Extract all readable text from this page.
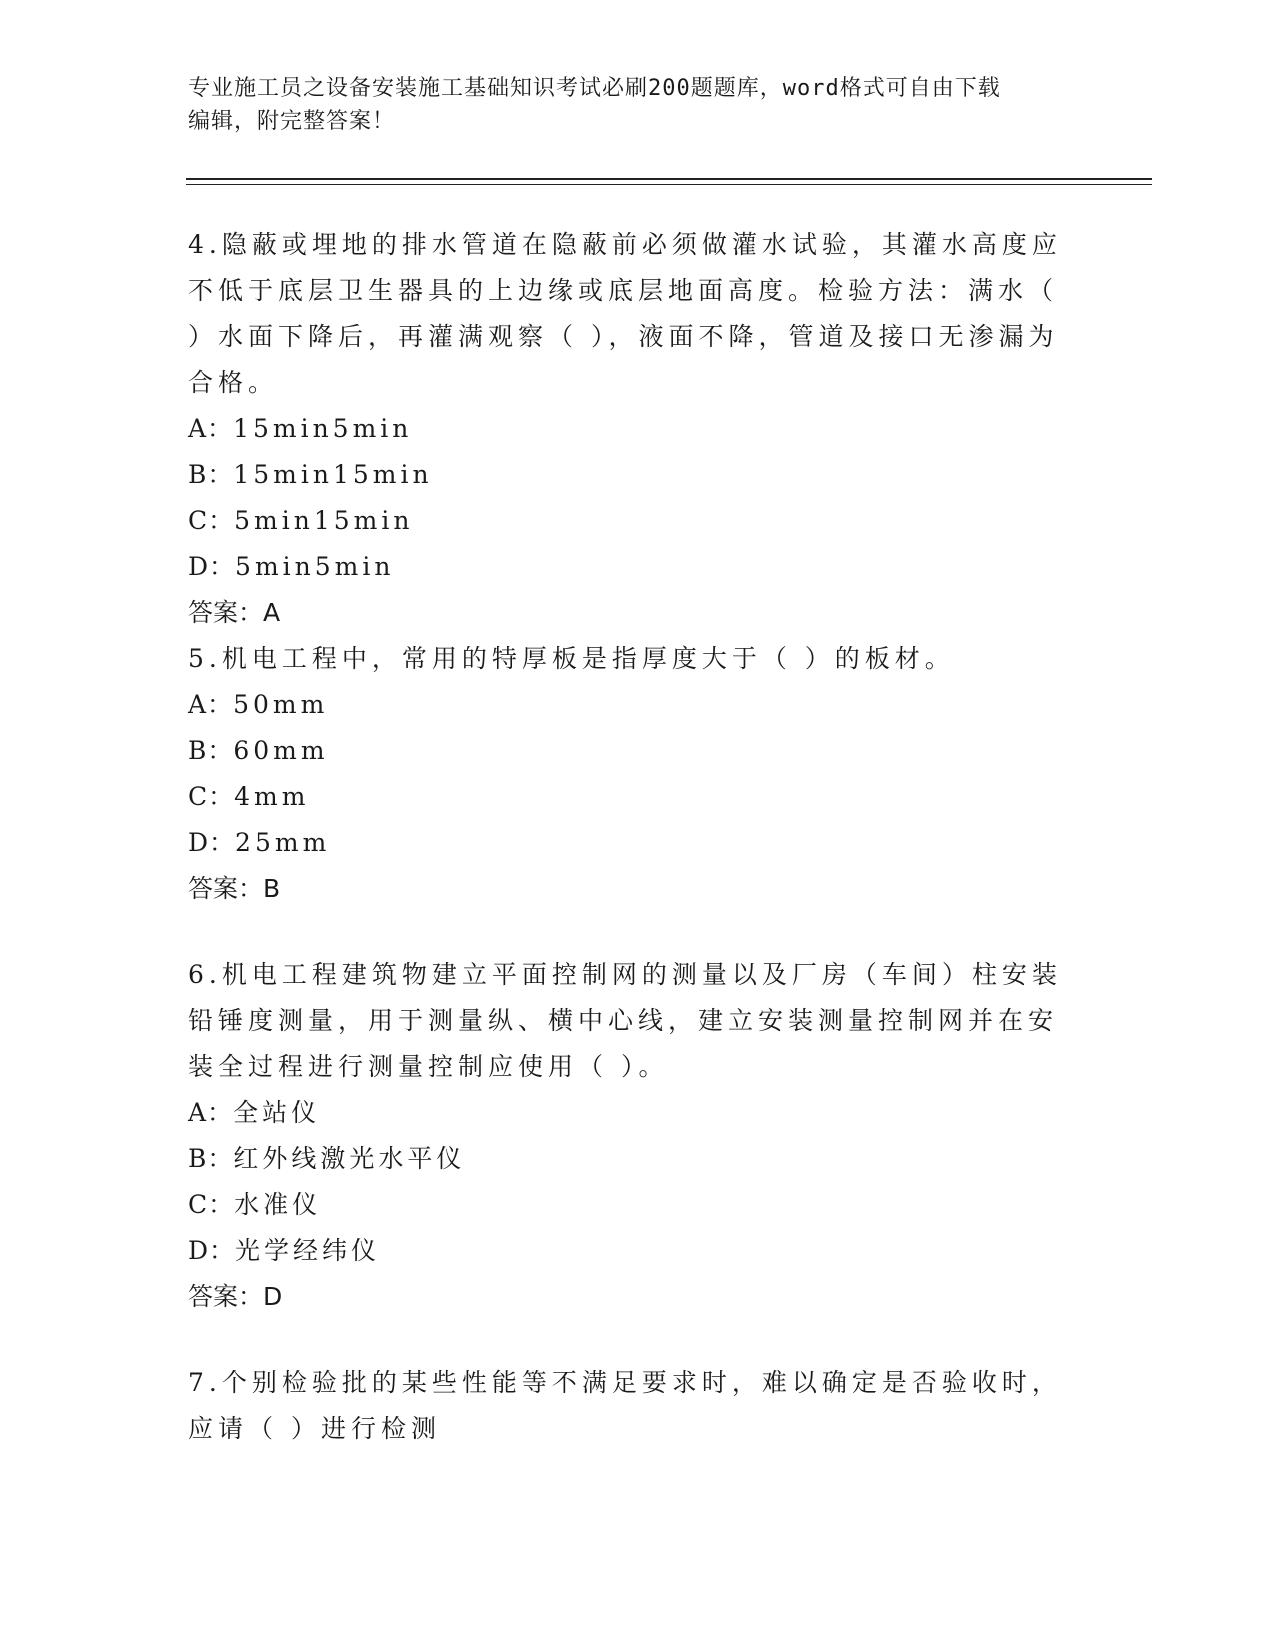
专业施工员之设备安装施工基础知识考试必刷200题题库，word格式可自由下载
编辑，附完整答案！
4.隐蔽或埋地的排水管道在隐蔽前必须做灌水试验，其灌水高度应不低于底层卫生器具的上边缘或底层地面高度。检验方法：满水（ ）水面下降后，再灌满观察（ ），液面不降，管道及接口无渗漏为合格。
A：15min5min
B：15min15min
C：5min15min
D：5min5min
答案：A
5.机电工程中，常用的特厚板是指厚度大于（ ）的板材。
A：50mm
B：60mm
C：4mm
D：25mm
答案：B
6.机电工程建筑物建立平面控制网的测量以及厂房（车间）柱安装铅锤度测量，用于测量纵、横中心线，建立安装测量控制网并在安装全过程进行测量控制应使用（ ）。
A：全站仪
B：红外线激光水平仪
C：水准仪
D：光学经纬仪
答案：D
7.个别检验批的某些性能等不满足要求时，难以确定是否验收时，应请（ ）进行检测
